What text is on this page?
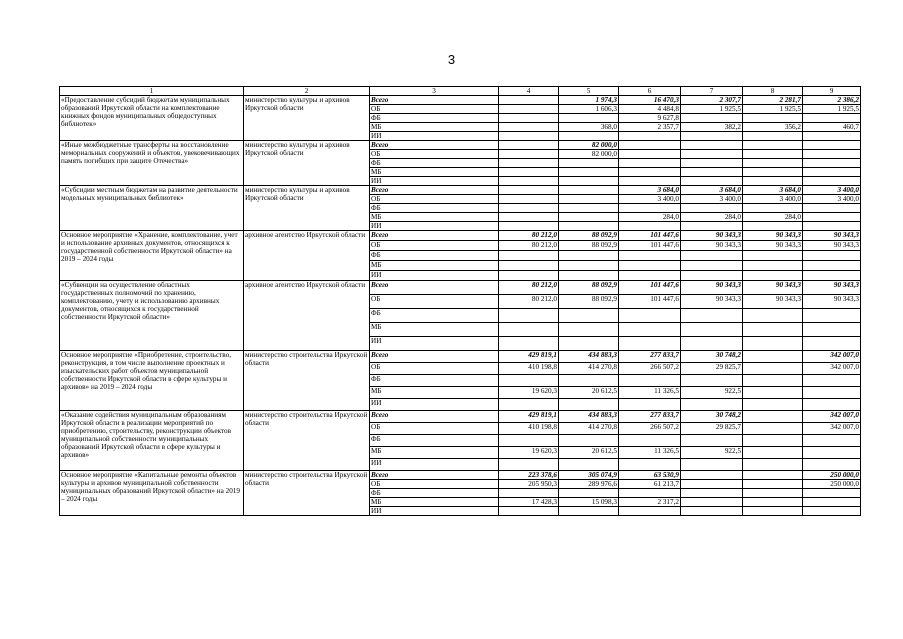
3
1	2	3	4	5	6	7	8	9
«Предоставление субсидий бюджетам муниципальных образований Иркутской области на комплектование книжных фондов муниципальных общедоступных библиотек»	министерство культуры и архивов Иркутской области	Всего		1 974,3	16 470,3	2 307,7	2 281,7	2 386,2
		ОБ		1 606,3	4 484,8	1 925,5	1 925,5	1 925,5
		ФБ			9 627,8			
		МБ		368,0	2 357,7	382,2	356,2	460,7
		ИИ						
«Иные межбюджетные трансферты на восстановление мемориальных сооружений и объектов, увековечивающих память погибших при защите Отечества»	министерство культуры и архивов Иркутской области	Всего		82 000,0				
		ОБ		82 000,0				
		ФБ						
		МБ						
		ИИ						
«Субсидии местным бюджетам на развитие деятельности модельных муниципальных библиотек»	министерство культуры и архивов Иркутской области	Всего			3 684,0	3 684,0	3 684,0	3 400,0
		ОБ			3 400,0	3 400,0	3 400,0	3 400,0
		ФБ						
		МБ			284,0	284,0	284,0	
		ИИ						
Основное мероприятие «Хранение, комплектование, учет и использование архивных документов, относящихся к государственной собственности Иркутской области» на 2019 – 2024 годы	архивное агентство Иркутской области	Всего	80 212,0	88 092,9	101 447,6	90 343,3	90 343,3	90 343,3
		ОБ	80 212,0	88 092,9	101 447,6	90 343,3	90 343,3	90 343,3
		ФБ						
		МБ						
		ИИ						
«Субвенции на осуществление областных государственных полномочий по хранению, комплектованию, учету и использованию архивных документов, относящихся к государственной собственности Иркутской области»	архивное агентство Иркутской области	Всего	80 212,0	88 092,9	101 447,6	90 343,3	90 343,3	90 343,3
		ОБ	80 212,0	88 092,9	101 447,6	90 343,3	90 343,3	90 343,3
		ФБ						
		МБ						
		ИИ						
Основное мероприятие «Приобретение, строительство, реконструкция, в том числе выполнение проектных и изыскательских работ объектов муниципальной собственности Иркутской области в сфере культуры и архивов» на 2019 – 2024 годы	министерство строительства Иркутской области	Всего	429 819,1	434 883,3	277 833,7	30 748,2		342 007,0
		ОБ	410 198,8	414 270,8	266 507,2	29 825,7		342 007,0
		ФБ						
		МБ	19 620,3	20 612,5	11 326,5	922,5		
		ИИ						
«Оказание содействия муниципальным образованиям Иркутской области в реализации мероприятий по приобретению, строительству, реконструкции объектов муниципальной собственности муниципальных образований Иркутской области в сфере культуры и архивов»	министерство строительства Иркутской области	Всего	429 819,1	434 883,3	277 833,7	30 748,2		342 007,0
		ОБ	410 198,8	414 270,8	266 507,2	29 825,7		342 007,0
		ФБ						
		МБ	19 620,3	20 612,5	11 326,5	922,5		
		ИИ						
Основное мероприятие «Капитальные ремонты объектов культуры и архивов муниципальной собственности муниципальных образований Иркутской области» на 2019 – 2024 годы	министерство строительства Иркутской области	Всего	223 378,6	305 074,9	63 530,9			250 000,0
		ОБ	205 950,3	289 976,6	61 213,7			250 000,0
		ФБ						
		МБ	17 428,3	15 098,3	2 317,2			
		ИИ						
